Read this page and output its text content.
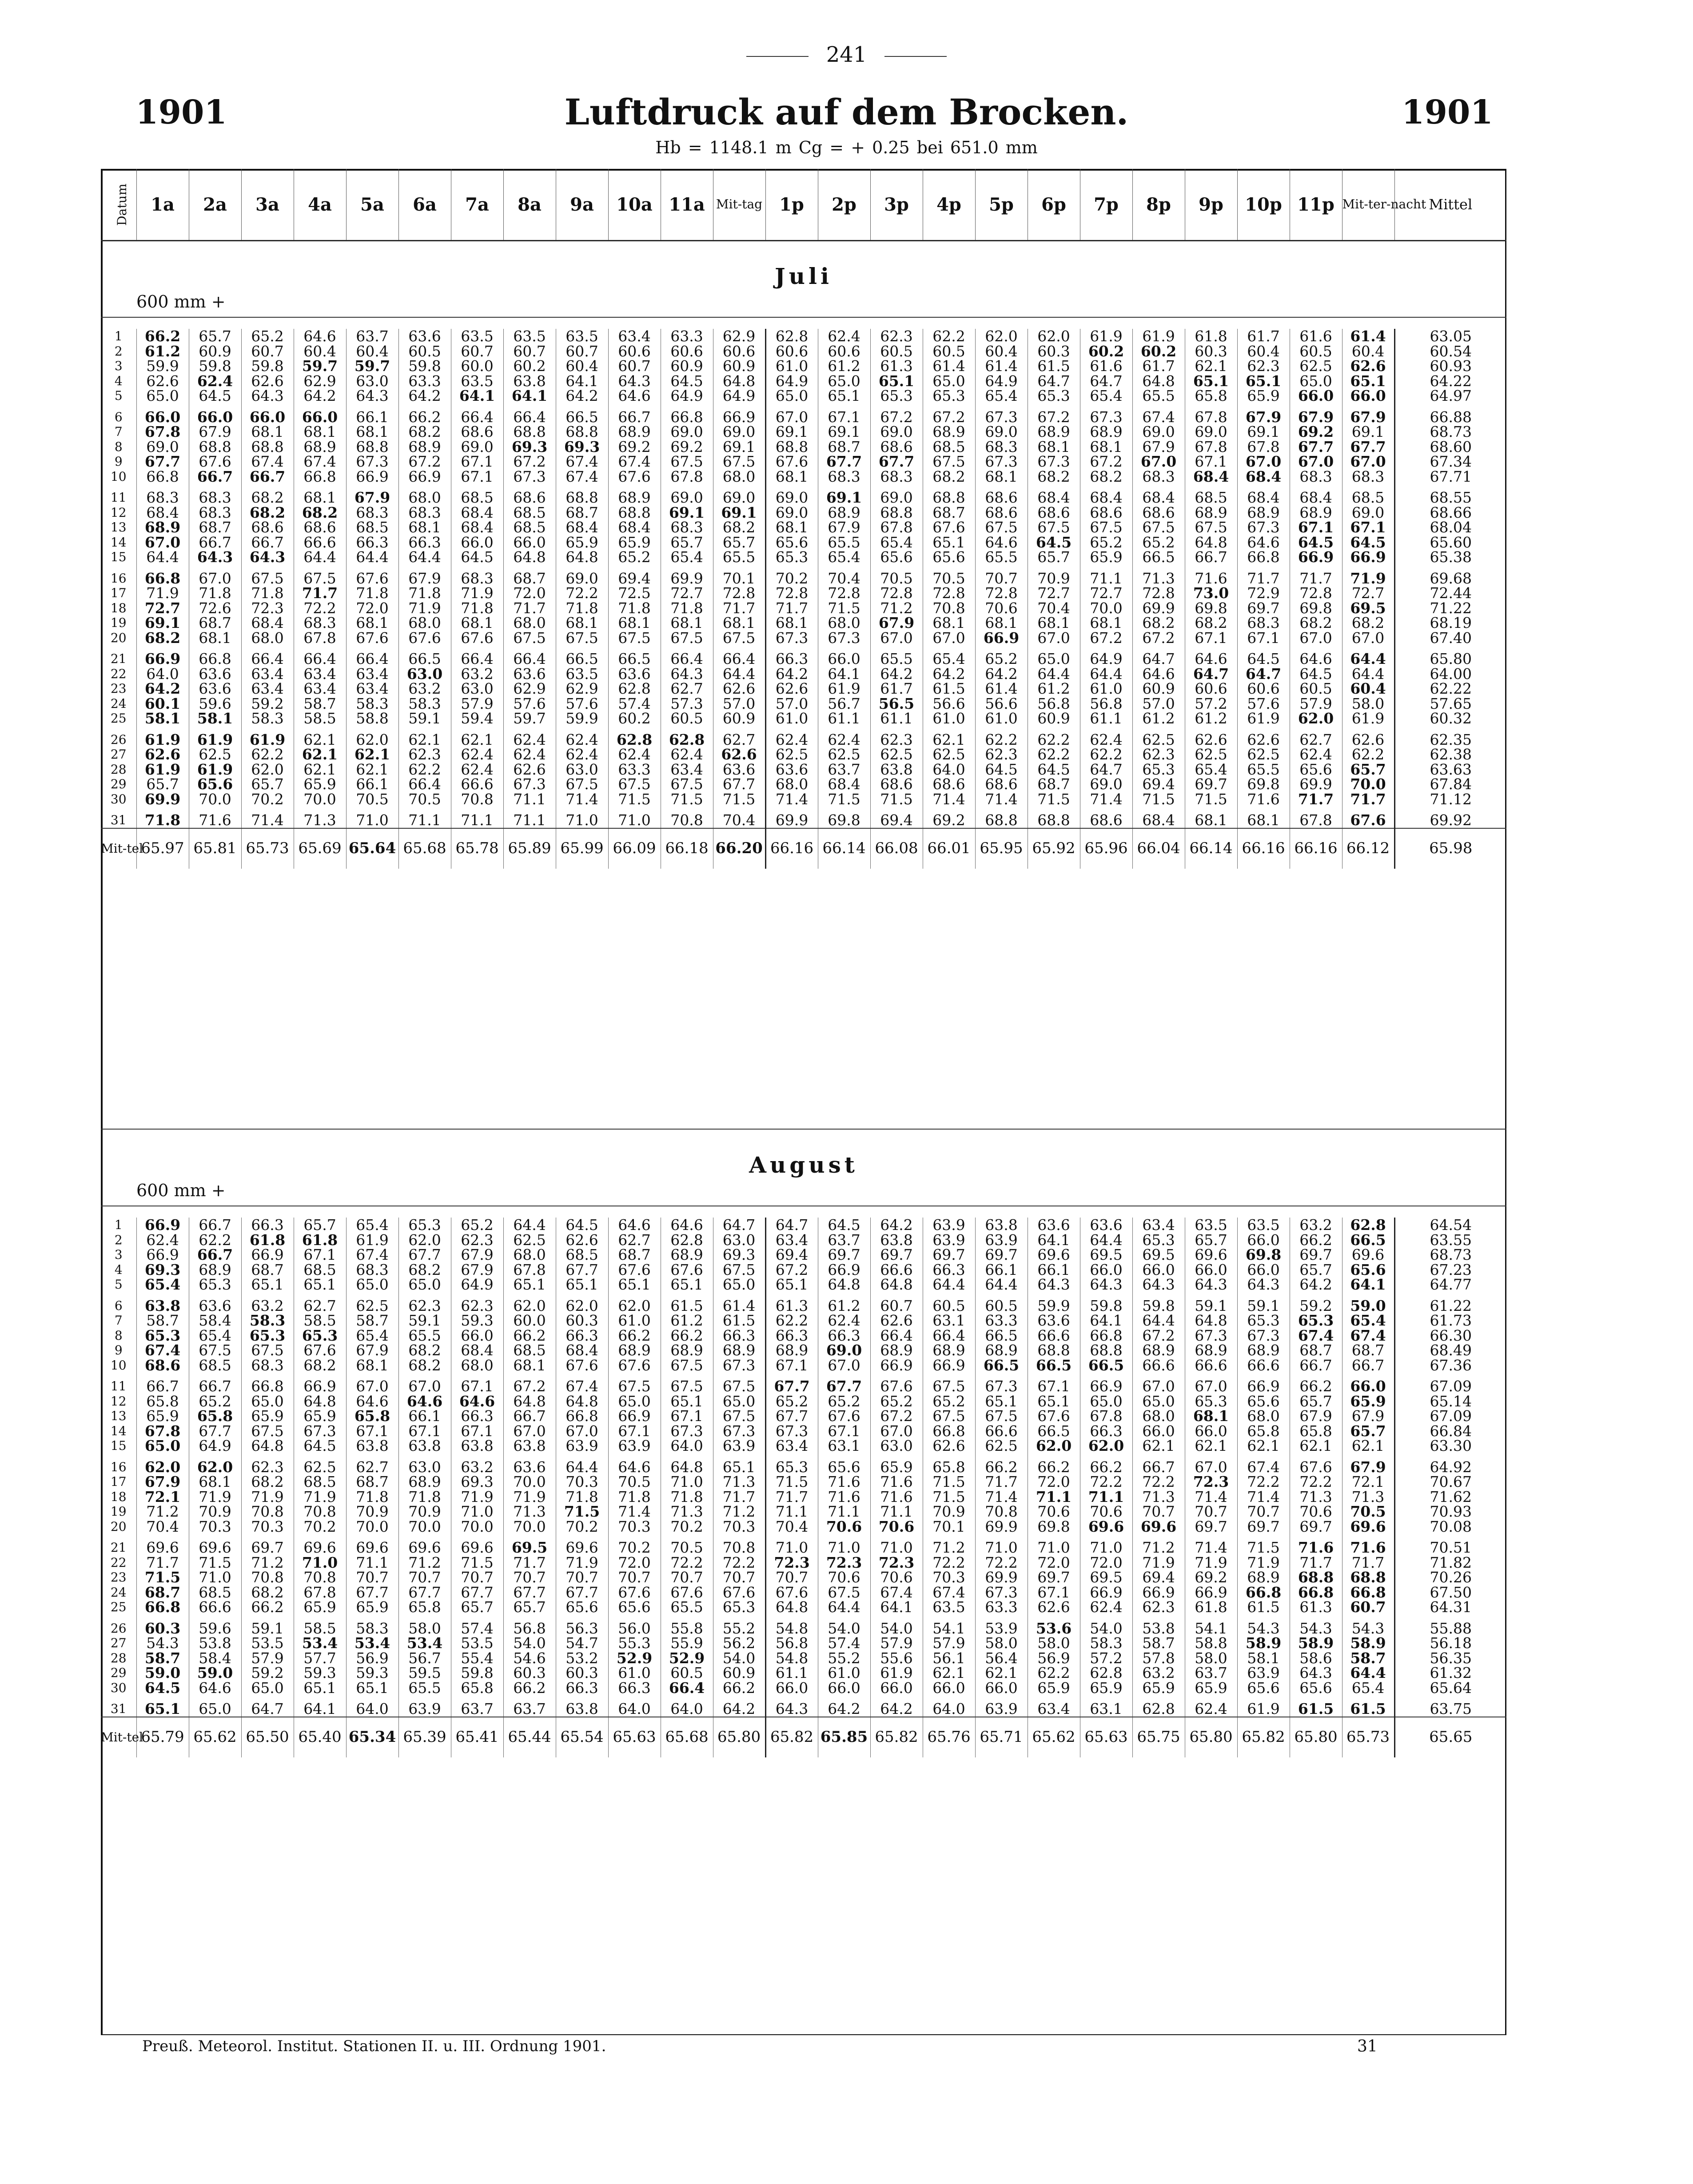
241
1901	Luftdruck auf dem Brocken.	1901
Hb = 1148.1 m Cg = + 0.25 bei 651.0 mm
Datum	1a	2a	3a	4a	5a	6a	7a	8a	9a	10a	11a	Mit-tag	1p	2p	3p	4p	5p	6p	7p	8p	9p	10p	11p	Mit-ter-nacht	Mittel
Juli
600 mm +
1	66.2	65.7	65.2	64.6	63.7	63.6	63.5	63.5	63.5	63.4	63.3	62.9	62.8	62.4	62.3	62.2	62.0	62.0	61.9	61.9	61.8	61.7	61.6	61.4	63.05
2	61.2	60.9	60.7	60.4	60.4	60.5	60.7	60.7	60.7	60.6	60.6	60.6	60.6	60.6	60.5	60.5	60.4	60.3	60.2	60.2	60.3	60.4	60.5	60.4	60.54
3	59.9	59.8	59.8	59.7	59.7	59.8	60.0	60.2	60.4	60.7	60.9	60.9	61.0	61.2	61.3	61.4	61.4	61.5	61.6	61.7	62.1	62.3	62.5	62.6	60.93
4	62.6	62.4	62.6	62.9	63.0	63.3	63.5	63.8	64.1	64.3	64.5	64.8	64.9	65.0	65.1	65.0	64.9	64.7	64.7	64.8	65.1	65.1	65.0	65.1	64.22
5	65.0	64.5	64.3	64.2	64.3	64.2	64.1	64.1	64.2	64.6	64.9	64.9	65.0	65.1	65.3	65.3	65.4	65.3	65.4	65.5	65.8	65.9	66.0	66.0	64.97

6	66.0	66.0	66.0	66.0	66.1	66.2	66.4	66.4	66.5	66.7	66.8	66.9	67.0	67.1	67.2	67.2	67.3	67.2	67.3	67.4	67.8	67.9	67.9	67.9	66.88
7	67.8	67.9	68.1	68.1	68.1	68.2	68.6	68.8	68.8	68.9	69.0	69.0	69.1	69.1	69.0	68.9	69.0	68.9	68.9	69.0	69.0	69.1	69.2	69.1	68.73
8	69.0	68.8	68.8	68.9	68.8	68.9	69.0	69.3	69.3	69.2	69.2	69.1	68.8	68.7	68.6	68.5	68.3	68.1	68.1	67.9	67.8	67.8	67.7	67.7	68.60
9	67.7	67.6	67.4	67.4	67.3	67.2	67.1	67.2	67.4	67.4	67.5	67.5	67.6	67.7	67.7	67.5	67.3	67.3	67.2	67.0	67.1	67.0	67.0	67.0	67.34
10	66.8	66.7	66.7	66.8	66.9	66.9	67.1	67.3	67.4	67.6	67.8	68.0	68.1	68.3	68.3	68.2	68.1	68.2	68.2	68.3	68.4	68.4	68.3	68.3	67.71

11	68.3	68.3	68.2	68.1	67.9	68.0	68.5	68.6	68.8	68.9	69.0	69.0	69.0	69.1	69.0	68.8	68.6	68.4	68.4	68.4	68.5	68.4	68.4	68.5	68.55
12	68.4	68.3	68.2	68.2	68.3	68.3	68.4	68.5	68.7	68.8	69.1	69.1	69.0	68.9	68.8	68.7	68.6	68.6	68.6	68.6	68.9	68.9	68.9	69.0	68.66
13	68.9	68.7	68.6	68.6	68.5	68.1	68.4	68.5	68.4	68.4	68.3	68.2	68.1	67.9	67.8	67.6	67.5	67.5	67.5	67.5	67.5	67.3	67.1	67.1	68.04
14	67.0	66.7	66.7	66.6	66.3	66.3	66.0	66.0	65.9	65.9	65.7	65.7	65.6	65.5	65.4	65.1	64.6	64.5	65.2	65.2	64.8	64.6	64.5	64.5	65.60
15	64.4	64.3	64.3	64.4	64.4	64.4	64.5	64.8	64.8	65.2	65.4	65.5	65.3	65.4	65.6	65.6	65.5	65.7	65.9	66.5	66.7	66.8	66.9	66.9	65.38

16	66.8	67.0	67.5	67.5	67.6	67.9	68.3	68.7	69.0	69.4	69.9	70.1	70.2	70.4	70.5	70.5	70.7	70.9	71.1	71.3	71.6	71.7	71.7	71.9	69.68
17	71.9	71.8	71.8	71.7	71.8	71.8	71.9	72.0	72.2	72.5	72.7	72.8	72.8	72.8	72.8	72.8	72.8	72.7	72.7	72.8	73.0	72.9	72.8	72.7	72.44
18	72.7	72.6	72.3	72.2	72.0	71.9	71.8	71.7	71.8	71.8	71.8	71.7	71.7	71.5	71.2	70.8	70.6	70.4	70.0	69.9	69.8	69.7	69.8	69.5	71.22
19	69.1	68.7	68.4	68.3	68.1	68.0	68.1	68.0	68.1	68.1	68.1	68.1	68.1	68.0	67.9	68.1	68.1	68.1	68.1	68.2	68.2	68.3	68.2	68.2	68.19
20	68.2	68.1	68.0	67.8	67.6	67.6	67.6	67.5	67.5	67.5	67.5	67.5	67.3	67.3	67.0	67.0	66.9	67.0	67.2	67.2	67.1	67.1	67.0	67.0	67.40

21	66.9	66.8	66.4	66.4	66.4	66.5	66.4	66.4	66.5	66.5	66.4	66.4	66.3	66.0	65.5	65.4	65.2	65.0	64.9	64.7	64.6	64.5	64.6	64.4	65.80
22	64.0	63.6	63.4	63.4	63.4	63.0	63.2	63.6	63.5	63.6	64.3	64.4	64.2	64.1	64.2	64.2	64.2	64.4	64.4	64.6	64.7	64.7	64.5	64.4	64.00
23	64.2	63.6	63.4	63.4	63.4	63.2	63.0	62.9	62.9	62.8	62.7	62.6	62.6	61.9	61.7	61.5	61.4	61.2	61.0	60.9	60.6	60.6	60.5	60.4	62.22
24	60.1	59.6	59.2	58.7	58.3	58.3	57.9	57.6	57.6	57.4	57.3	57.0	57.0	56.7	56.5	56.6	56.6	56.8	56.8	57.0	57.2	57.6	57.9	58.0	57.65
25	58.1	58.1	58.3	58.5	58.8	59.1	59.4	59.7	59.9	60.2	60.5	60.9	61.0	61.1	61.1	61.0	61.0	60.9	61.1	61.2	61.2	61.9	62.0	61.9	60.32

26	61.9	61.9	61.9	62.1	62.0	62.1	62.1	62.4	62.4	62.8	62.8	62.7	62.4	62.4	62.3	62.1	62.2	62.2	62.4	62.5	62.6	62.6	62.7	62.6	62.35
27	62.6	62.5	62.2	62.1	62.1	62.3	62.4	62.4	62.4	62.4	62.4	62.6	62.5	62.5	62.5	62.5	62.3	62.2	62.2	62.3	62.5	62.5	62.4	62.2	62.38
28	61.9	61.9	62.0	62.1	62.1	62.2	62.4	62.6	63.0	63.3	63.4	63.6	63.6	63.7	63.8	64.0	64.5	64.5	64.7	65.3	65.4	65.5	65.6	65.7	63.63
29	65.7	65.6	65.7	65.9	66.1	66.4	66.6	67.3	67.5	67.5	67.5	67.7	68.0	68.4	68.6	68.6	68.6	68.7	69.0	69.4	69.7	69.8	69.9	70.0	67.84
30	69.9	70.0	70.2	70.0	70.5	70.5	70.8	71.1	71.4	71.5	71.5	71.5	71.4	71.5	71.5	71.4	71.4	71.5	71.4	71.5	71.5	71.6	71.7	71.7	71.12

31	71.8	71.6	71.4	71.3	71.0	71.1	71.1	71.1	71.0	71.0	70.8	70.4	69.9	69.8	69.4	69.2	68.8	68.8	68.6	68.4	68.1	68.1	67.8	67.6	69.92
Mit-tel	65.97	65.81	65.73	65.69	65.64	65.68	65.78	65.89	65.99	66.09	66.18	66.20	66.16	66.14	66.08	66.01	65.95	65.92	65.96	66.04	66.14	66.16	66.16	66.12	65.98
August
600 mm +
1	66.9	66.7	66.3	65.7	65.4	65.3	65.2	64.4	64.5	64.6	64.6	64.7	64.7	64.5	64.2	63.9	63.8	63.6	63.6	63.4	63.5	63.5	63.2	62.8	64.54
2	62.4	62.2	61.8	61.8	61.9	62.0	62.3	62.5	62.6	62.7	62.8	63.0	63.4	63.7	63.8	63.9	63.9	64.1	64.4	65.3	65.7	66.0	66.2	66.5	63.55
3	66.9	66.7	66.9	67.1	67.4	67.7	67.9	68.0	68.5	68.7	68.9	69.3	69.4	69.7	69.7	69.7	69.7	69.6	69.5	69.5	69.6	69.8	69.7	69.6	68.73
4	69.3	68.9	68.7	68.5	68.3	68.2	67.9	67.8	67.7	67.6	67.6	67.5	67.2	66.9	66.6	66.3	66.1	66.1	66.0	66.0	66.0	66.0	65.7	65.6	67.23
5	65.4	65.3	65.1	65.1	65.0	65.0	64.9	65.1	65.1	65.1	65.1	65.0	65.1	64.8	64.8	64.4	64.4	64.3	64.3	64.3	64.3	64.3	64.2	64.1	64.77

6	63.8	63.6	63.2	62.7	62.5	62.3	62.3	62.0	62.0	62.0	61.5	61.4	61.3	61.2	60.7	60.5	60.5	59.9	59.8	59.8	59.1	59.1	59.2	59.0	61.22
7	58.7	58.4	58.3	58.5	58.7	59.1	59.3	60.0	60.3	61.0	61.2	61.5	62.2	62.4	62.6	63.1	63.3	63.6	64.1	64.4	64.8	65.3	65.3	65.4	61.73
8	65.3	65.4	65.3	65.3	65.4	65.5	66.0	66.2	66.3	66.2	66.2	66.3	66.3	66.3	66.4	66.4	66.5	66.6	66.8	67.2	67.3	67.3	67.4	67.4	66.30
9	67.4	67.5	67.5	67.6	67.9	68.2	68.4	68.5	68.4	68.9	68.9	68.9	68.9	69.0	68.9	68.9	68.9	68.8	68.8	68.9	68.9	68.9	68.7	68.7	68.49
10	68.6	68.5	68.3	68.2	68.1	68.2	68.0	68.1	67.6	67.6	67.5	67.3	67.1	67.0	66.9	66.9	66.5	66.5	66.5	66.6	66.6	66.6	66.7	66.7	67.36

11	66.7	66.7	66.8	66.9	67.0	67.0	67.1	67.2	67.4	67.5	67.5	67.5	67.7	67.7	67.6	67.5	67.3	67.1	66.9	67.0	67.0	66.9	66.2	66.0	67.09
12	65.8	65.2	65.0	64.8	64.6	64.6	64.6	64.8	64.8	65.0	65.1	65.0	65.2	65.2	65.2	65.2	65.1	65.1	65.0	65.0	65.3	65.6	65.7	65.9	65.14
13	65.9	65.8	65.9	65.9	65.8	66.1	66.3	66.7	66.8	66.9	67.1	67.5	67.7	67.6	67.2	67.5	67.5	67.6	67.8	68.0	68.1	68.0	67.9	67.9	67.09
14	67.8	67.7	67.5	67.3	67.1	67.1	67.1	67.0	67.0	67.1	67.3	67.3	67.3	67.1	67.0	66.8	66.6	66.5	66.3	66.0	66.0	65.8	65.8	65.7	66.84
15	65.0	64.9	64.8	64.5	63.8	63.8	63.8	63.8	63.9	63.9	64.0	63.9	63.4	63.1	63.0	62.6	62.5	62.0	62.0	62.1	62.1	62.1	62.1	62.1	63.30

16	62.0	62.0	62.3	62.5	62.7	63.0	63.2	63.6	64.4	64.6	64.8	65.1	65.3	65.6	65.9	65.8	66.2	66.2	66.2	66.7	67.0	67.4	67.6	67.9	64.92
17	67.9	68.1	68.2	68.5	68.7	68.9	69.3	70.0	70.3	70.5	71.0	71.3	71.5	71.6	71.6	71.5	71.7	72.0	72.2	72.2	72.3	72.2	72.2	72.1	70.67
18	72.1	71.9	71.9	71.9	71.8	71.8	71.9	71.9	71.8	71.8	71.8	71.7	71.7	71.6	71.6	71.5	71.4	71.1	71.1	71.3	71.4	71.4	71.3	71.3	71.62
19	71.2	70.9	70.8	70.8	70.9	70.9	71.0	71.3	71.5	71.4	71.3	71.2	71.1	71.1	71.1	70.9	70.8	70.6	70.6	70.7	70.7	70.7	70.6	70.5	70.93
20	70.4	70.3	70.3	70.2	70.0	70.0	70.0	70.0	70.2	70.3	70.2	70.3	70.4	70.6	70.6	70.1	69.9	69.8	69.6	69.6	69.7	69.7	69.7	69.6	70.08

21	69.6	69.6	69.7	69.6	69.6	69.6	69.6	69.5	69.6	70.2	70.5	70.8	71.0	71.0	71.0	71.2	71.0	71.0	71.0	71.2	71.4	71.5	71.6	71.6	70.51
22	71.7	71.5	71.2	71.0	71.1	71.2	71.5	71.7	71.9	72.0	72.2	72.2	72.3	72.3	72.3	72.2	72.2	72.0	72.0	71.9	71.9	71.9	71.7	71.7	71.82
23	71.5	71.0	70.8	70.8	70.7	70.7	70.7	70.7	70.7	70.7	70.7	70.7	70.7	70.6	70.6	70.3	69.9	69.7	69.5	69.4	69.2	68.9	68.8	68.8	70.26
24	68.7	68.5	68.2	67.8	67.7	67.7	67.7	67.7	67.7	67.6	67.6	67.6	67.6	67.5	67.4	67.4	67.3	67.1	66.9	66.9	66.9	66.8	66.8	66.8	67.50
25	66.8	66.6	66.2	65.9	65.9	65.8	65.7	65.7	65.6	65.6	65.5	65.3	64.8	64.4	64.1	63.5	63.3	62.6	62.4	62.3	61.8	61.5	61.3	60.7	64.31

26	60.3	59.6	59.1	58.5	58.3	58.0	57.4	56.8	56.3	56.0	55.8	55.2	54.8	54.0	54.0	54.1	53.9	53.6	54.0	53.8	54.1	54.3	54.3	54.3	55.88
27	54.3	53.8	53.5	53.4	53.4	53.4	53.5	54.0	54.7	55.3	55.9	56.2	56.8	57.4	57.9	57.9	58.0	58.0	58.3	58.7	58.8	58.9	58.9	58.9	56.18
28	58.7	58.4	57.9	57.7	56.9	56.7	55.4	54.6	53.2	52.9	52.9	54.0	54.8	55.2	55.6	56.1	56.4	56.9	57.2	57.8	58.0	58.1	58.6	58.7	56.35
29	59.0	59.0	59.2	59.3	59.3	59.5	59.8	60.3	60.3	61.0	60.5	60.9	61.1	61.0	61.9	62.1	62.1	62.2	62.8	63.2	63.7	63.9	64.3	64.4	61.32
30	64.5	64.6	65.0	65.1	65.1	65.5	65.8	66.2	66.3	66.3	66.4	66.2	66.0	66.0	66.0	66.0	66.0	65.9	65.9	65.9	65.9	65.6	65.6	65.4	65.64

31	65.1	65.0	64.7	64.1	64.0	63.9	63.7	63.7	63.8	64.0	64.0	64.2	64.3	64.2	64.2	64.0	63.9	63.4	63.1	62.8	62.4	61.9	61.5	61.5	63.75
Mit-tel	65.79	65.62	65.50	65.40	65.34	65.39	65.41	65.44	65.54	65.63	65.68	65.80	65.82	65.85	65.82	65.76	65.71	65.62	65.63	65.75	65.80	65.82	65.80	65.73	65.65
Preuß. Meteorol. Institut. Stationen II. u. III. Ordnung 1901.	31
